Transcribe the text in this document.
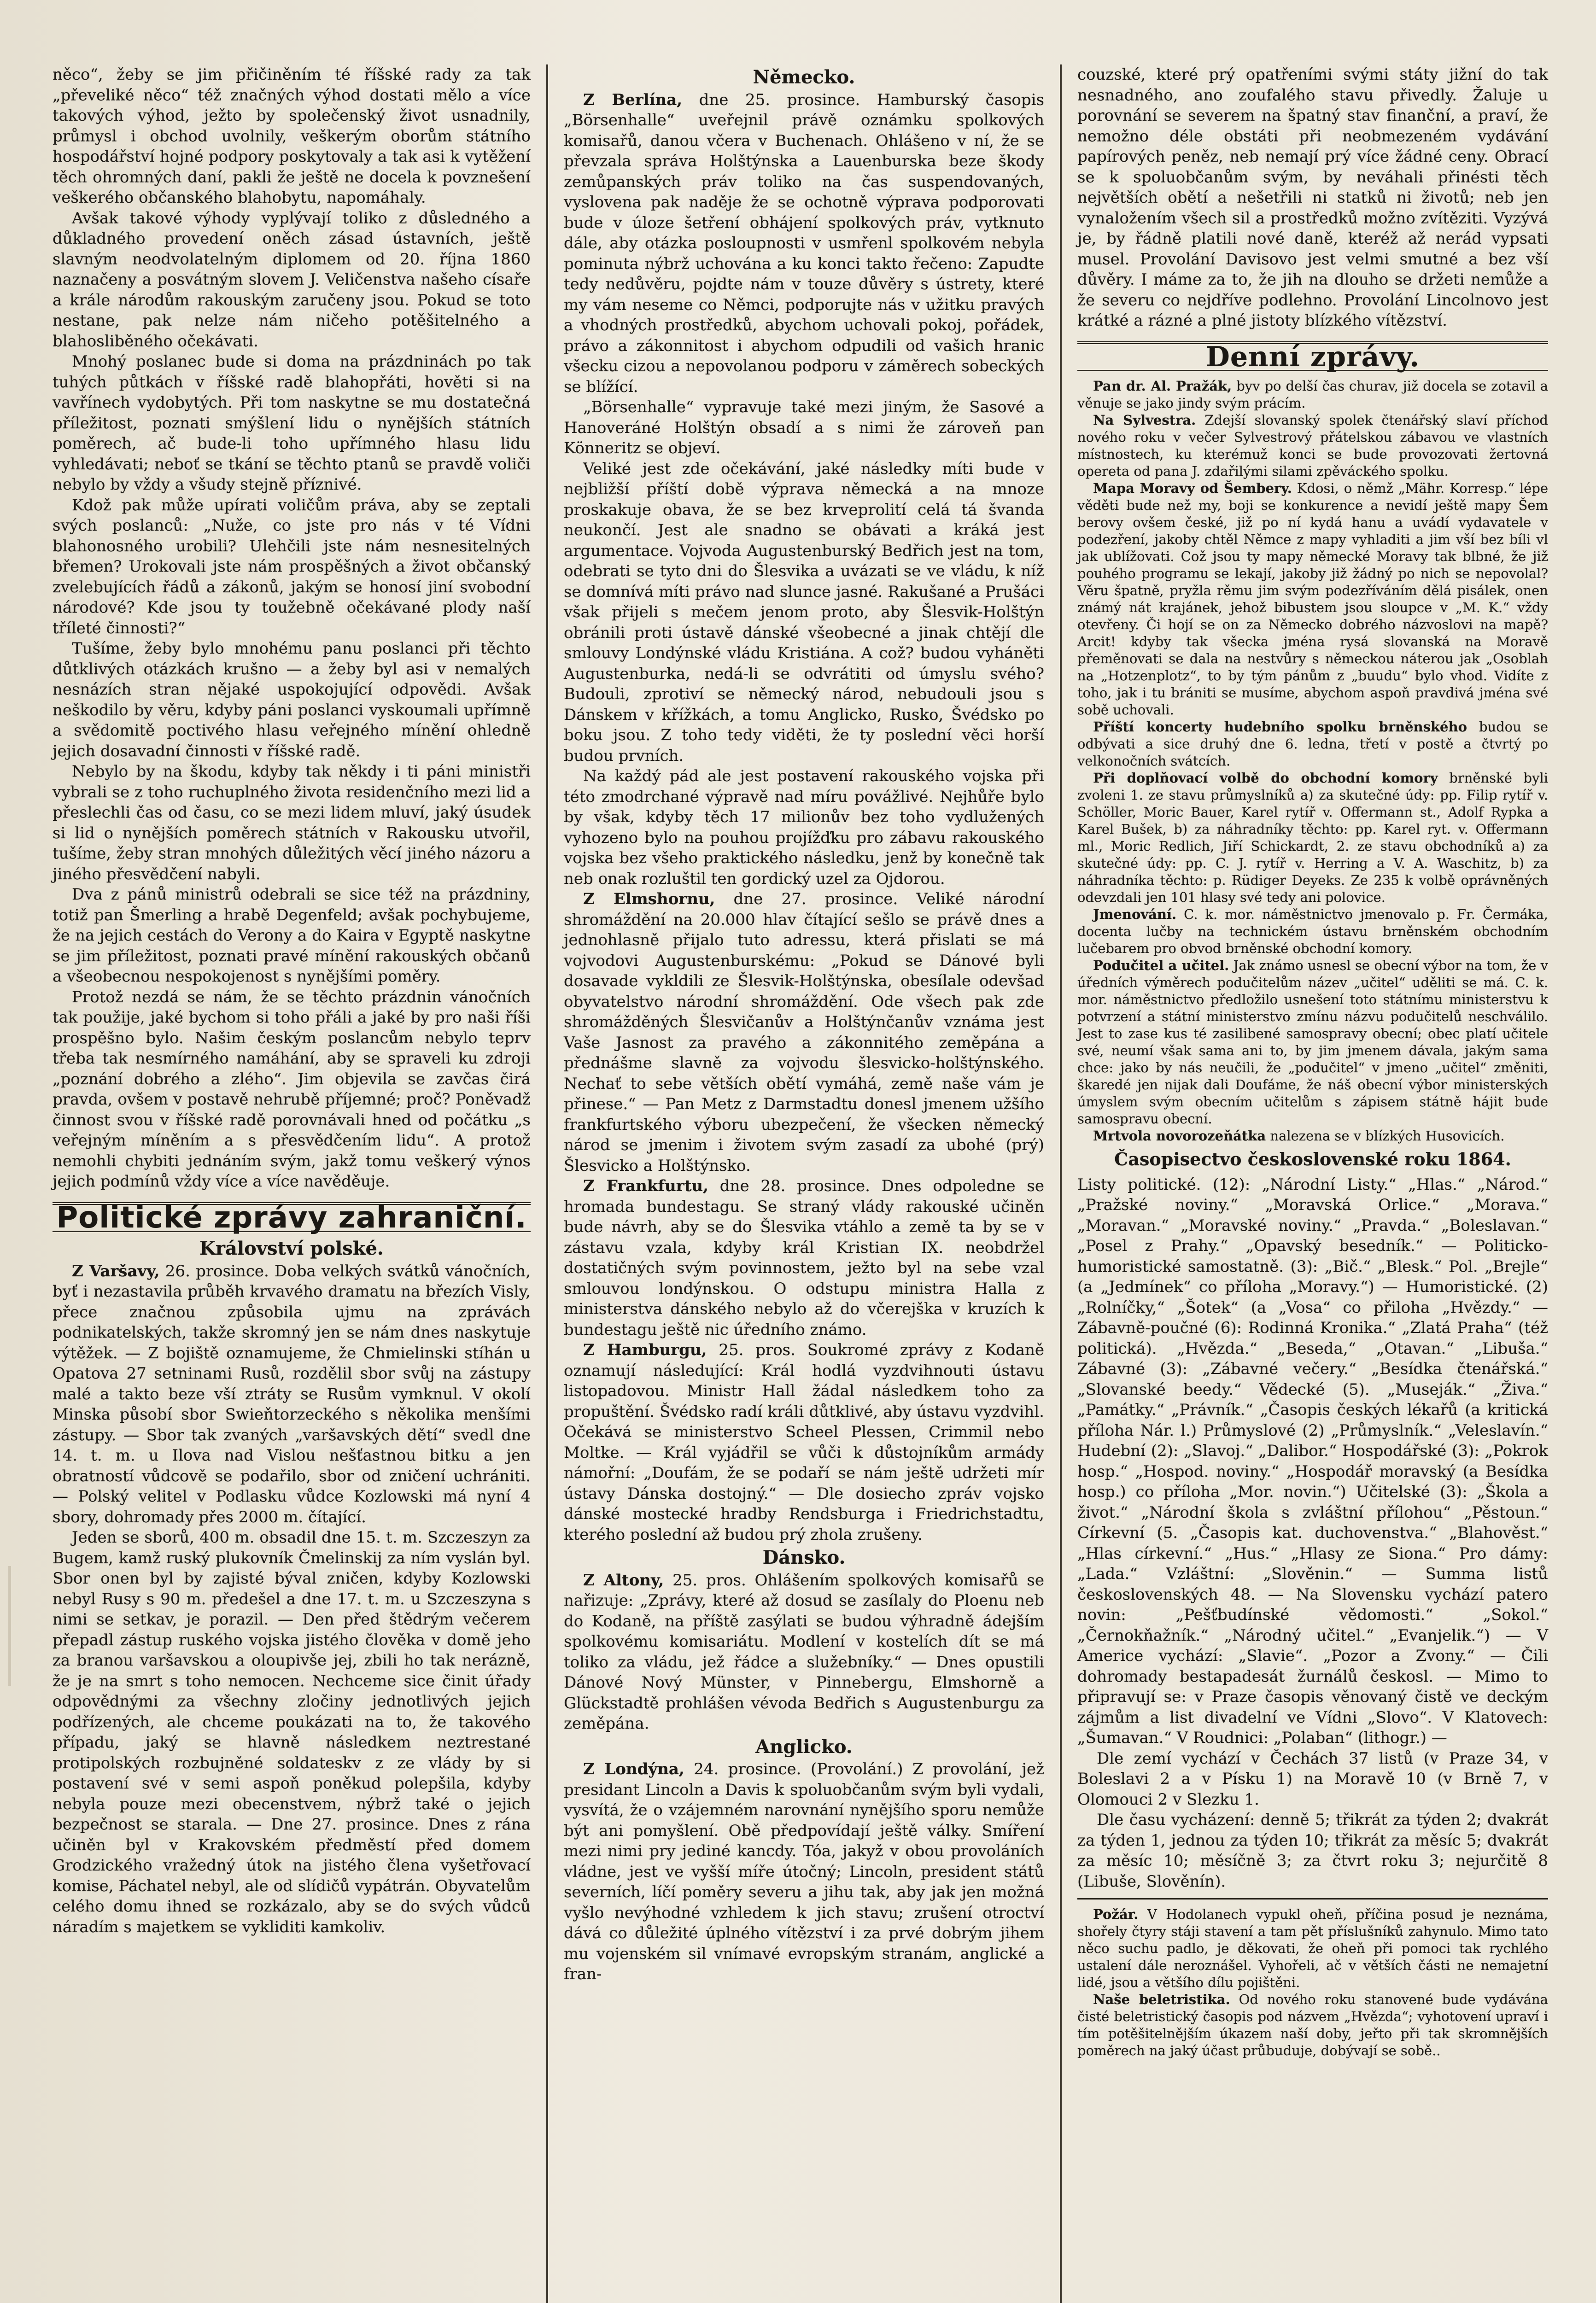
něco“, žeby se jim přičiněním té říšské rady za tak „převeliké něco“ též značných výhod dostati mělo a více takových výhod, ježto by společenský život usnadnily, průmysl i obchod uvolnily, veškerým oborům státního hospodářství hojné podpory poskytovaly a tak asi k vytěžení těch ohromných daní, pakli že ještě ne docela k povznešení veškerého občanského blahobytu, napomáhaly.

Avšak takové výhody vyplývají toliko z důsledného a důkladného provedení oněch zásad ústavních, ještě slavným neodvolatelným diplomem od 20. října 1860 naznačeny a posvátným slovem J. Veličenstva našeho císaře a krále národům rakouským zaručeny jsou. Pokud se toto nestane, pak nelze nám ničeho potěšitelného a blahosliběného očekávati.

Mnohý poslanec bude si doma na prázdninách po tak tuhých půtkách v říšské radě blahopřáti, hověti si na vavřínech vydobytých. Při tom naskytne se mu dostatečná příležitost, poznati smýšlení lidu o nynějších státních poměrech, ač bude-li toho upřímného hlasu lidu vyhledávati; neboť se tkání se těchto ptanů se pravdě voliči nebylo by vždy a všudy stejně příznivé.

Kdož pak může upírati voličům práva, aby se zeptali svých poslanců: „Nuže, co jste pro nás v té Vídni blahonosného urobili? Ulehčili jste nám nesnesitelných břemen? Urokovali jste nám prospěšných a život občanský zvelebujících řádů a zákonů, jakým se honosí jiní svobodní národové? Kde jsou ty toužebně očekávané plody naší tříleté činnosti?“

Tušíme, žeby bylo mnohému panu poslanci při těchto důtklivých otázkách krušno — a žeby byl asi v nemalých nesnázích stran nějaké uspokojující odpovědi. Avšak neškodilo by věru, kdyby páni poslanci vyskoumali upřímně a svědomitě poctivého hlasu veřejného mínění ohledně jejich dosavadní činnosti v říšské radě.

Nebylo by na škodu, kdyby tak někdy i ti páni ministři vybrali se z toho ruchuplného života residenčního mezi lid a přeslechli čas od času, co se mezi lidem mluví, jaký úsudek si lid o nynějších poměrech státních v Rakousku utvořil, tušíme, žeby stran mnohých důležitých věcí jiného názoru a jiného přesvědčení nabyli.

Dva z pánů ministrů odebrali se sice též na prázdniny, totiž pan Šmerling a hrabě Degenfeld; avšak pochybujeme, že na jejich cestách do Verony a do Kaira v Egyptě naskytne se jim příležitost, poznati pravé mínění rakouských občanů a všeobecnou nespokojenost s nynějšími poměry.

Protož nezdá se nám, že se těchto prázdnin vánočních tak použije, jaké bychom si toho přáli a jaké by pro naši říši prospěšno bylo. Našim českým poslancům nebylo teprv třeba tak nesmírného namáhání, aby se spraveli ku zdroji „poznání dobrého a zlého“. Jim objevila se zavčas čirá pravda, ovšem v postavě nehrubě příjemné; proč? Poněvadž činnost svou v říšské radě porovnávali hned od počátku „s veřejným míněním a s přesvědčením lidu“. A protož nemohli chybiti jednáním svým, jakž tomu veškerý výnos jejich podmínů vždy více a více navěděuje.

Politické zprávy zahraniční.
Království polské.

Z Varšavy, 26. prosince. Doba velkých svátků vánočních, byť i nezastavila průběh krvavého dramatu na březích Visly, přece značnou způsobila ujmu na zprávách podnikatelských, takže skromný jen se nám dnes naskytuje výtěžek. — Z bojiště oznamujeme, že Chmielinski stíhán u Opatova 27 setninami Rusů, rozdělil sbor svůj na zástupy malé a takto beze vší ztráty se Rusům vymknul. V okolí Minska působí sbor Swieňtorzeckého s několika menšími zástupy. — Sbor tak zvaných „varšavských dětí“ svedl dne 14. t. m. u Ilova nad Vislou nešťastnou bitku a jen obratností vůdcově se podařilo, sbor od zničení uchrániti. — Polský velitel v Podlasku vůdce Kozlowski má nyní 4 sbory, dohromady přes 2000 m. čítající.

Jeden se sborů, 400 m. obsadil dne 15. t. m. Szczeszyn za Bugem, kamž ruský plukovník Čmelinskij za ním vyslán byl. Sbor onen byl by zajisté býval zničen, kdyby Kozlowski nebyl Rusy s 90 m. předešel a dne 17. t. m. u Szczeszyna s nimi se setkav, je porazil. — Den před štědrým večerem přepadl zástup ruského vojska jistého člověka v domě jeho za branou varšavskou a oloupivše jej, zbili ho tak nerázně, že je na smrt s toho nemocen. Nechceme sice činit úřady odpovědnými za všechny zločiny jednotlivých jejich podřízených, ale chceme poukázati na to, že takového případu, jaký se hlavně následkem neztrestané protipolských rozbujněné soldateskv z ze vlády by si postavení své v semi aspoň poněkud polepšila, kdyby nebyla pouze mezi obecenstvem, nýbrž také o jejich bezpečnost se starala. — Dne 27. prosince. Dnes z rána učiněn byl v Krakovském předměstí před domem Grodzického vražedný útok na jistého člena vyšetřovací komise, Páchatel nebyl, ale od slídičů vypátrán. Obyvatelům celého domu ihned se rozkázalo, aby se do svých vůdců náradím s majetkem se vykliditi kamkoliv.

Německo.

Z Berlína, dne 25. prosince. Hamburský časopis „Börsenhalle“ uveřejnil právě oznámku spolkových komisařů, danou včera v Buchenach. Ohlášeno v ní, že se převzala správa Holštýnska a Lauenburska beze škody zemůpanských práv toliko na čas suspendovaných, vyslovena pak naděje že se ochotně výprava podporovati bude v úloze šetření obhájení spolkových práv, vytknuto dále, aby otázka posloupnosti v usmřenl spolkovém nebyla pominuta nýbrž uchována a ku konci takto řečeno: Zapudte tedy nedůvěru, pojdte nám v touze důvěry s ústrety, které my vám neseme co Němci, podporujte nás v užitku pravých a vhodných prostředků, abychom uchovali pokoj, pořádek, právo a zákonnitost i abychom odpudili od vašich hranic všecku cizou a nepovolanou podporu v záměrech sobeckých se blížící.

„Börsenhalle“ vypravuje také mezi jiným, že Sasové a Hanoveráné Holštýn obsadí a s nimi že zároveň pan Könneritz se objeví.

Veliké jest zde očekávání, jaké následky míti bude v nejbližší příští době výprava německá a na mnoze proskakuje obava, že se bez krveprolití celá tá švanda neukončí. Jest ale snadno se obávati a kráká jest argumentace. Vojvoda Augustenburský Bedřich jest na tom, odebrati se tyto dni do Šlesvika a uvázati se ve vládu, k níž se domnívá míti právo nad slunce jasné. Rakušané a Prušáci však přijeli s mečem jenom proto, aby Šlesvik-Holštýn obránili proti ústavě dánské všeobecné a jinak chtějí dle smlouvy Londýnské vládu Kristiána. A což? budou vyháněti Augustenburka, nedá-li se odvrátiti od úmyslu svého? Budouli, zprotiví se německý národ, nebudouli jsou s Dánskem v křížkách, a tomu Anglicko, Rusko, Švédsko po boku jsou. Z toho tedy viděti, že ty poslední věci horší budou prvních.

Na každý pád ale jest postavení rakouského vojska při této zmodrchané výpravě nad míru povážlivé. Nejhůře bylo by však, kdyby těch 17 milionův bez toho vydlužených vyhozeno bylo na pouhou projížďku pro zábavu rakouského vojska bez všeho praktického následku, jenž by konečně tak neb onak rozluštil ten gordický uzel za Ojdorou.

Z Elmshornu, dne 27. prosince. Veliké národní shromáždění na 20.000 hlav čítající sešlo se právě dnes a jednohlasně přijalo tuto adressu, která přislati se má vojvodovi Augustenburskému: „Pokud se Dánové byli dosavade vykldili ze Šlesvik-Holštýnska, obesílale odevšad obyvatelstvo národní shromáždění. Ode všech pak zde shromážděných Šlesvičanův a Holštýnčanův vznáma jest Vaše Jasnost za pravého a zákonnitého zeměpána a přednášme slavně za vojvodu šlesvicko-holštýnského. Nechať to sebe větších obětí vymáhá, země naše vám je přinese.“ — Pan Metz z Darmstadtu donesl jmenem užšího frankfurtského výboru ubezpečení, že všecken německý národ se jmenim i životem svým zasadí za ubohé (prý) Šlesvicko a Holštýnsko.

Z Frankfurtu, dne 28. prosince. Dnes odpoledne se hromada bundestagu. Se straný vlády rakouské učiněn bude návrh, aby se do Šlesvika vtáhlo a země ta by se v zástavu vzala, kdyby král Kristian IX. neobdržel dostatičných svým povinnostem, ježto byl na sebe vzal smlouvou londýnskou. O odstupu ministra Halla z ministerstva dánského nebylo až do včerejška v kruzích k bundestagu ještě nic úředního známo.

Z Hamburgu, 25. pros. Soukromé zprávy z Kodaně oznamují následující: Král hodlá vyzdvihnouti ústavu listopadovou. Ministr Hall žádal následkem toho za propuštění. Švédsko radí králi důtklivé, aby ústavu vyzdvihl. Očekává se ministerstvo Scheel Plessen, Crimmil nebo Moltke. — Král vyjádřil se vůči k důstojníkům armády námořní: „Doufám, že se podaří se nám ještě udržeti mír ústavy Dánska dostojný.“ — Dle dosiecho zpráv vojsko dánské mostecké hradby Rendsburga i Friedrichstadtu, kterého poslední až budou prý zhola zrušeny.

Dánsko.

Z Altony, 25. pros. Ohlášením spolkových komisařů se nařizuje: „Zprávy, které až dosud se zasílaly do Ploenu neb do Kodaně, na příště zasýlati se budou výhradně ádejším spolkovému komisariátu. Modlení v kostelích dít se má toliko za vládu, jež řádce a služebníky.“ — Dnes opustili Dánové Nový Münster, v Pinnebergu, Elmshorně a Glückstadtě prohlášen vévoda Bedřich s Augustenburgu za zeměpána.

Anglicko.

Z Londýna, 24. prosince. (Provolání.) Z provolání, jež presidant Lincoln a Davis k spoluobčanům svým byli vydali, vysvítá, že o vzájemném narovnání nynějšího sporu nemůže být ani pomyšlení. Obě předpovídají ještě války. Smíření mezi nimi pry jediné kancdy. Tóa, jakyž v obou provoláních vládne, jest ve vyšší míře útočný; Lincoln, president států severních, líčí poměry severu a jihu tak, aby jak jen možná vyšlo nevýhodné vzhledem k jich stavu; zrušení otroctví dává co důležité úplného vítězství i za prvé dobrým jihem mu vojenském sil vnímavé evropským stranám, anglické a fran-

couzské, které prý opatřeními svými státy jižní do tak nesnadného, ano zoufalého stavu přivedly. Žaluje u porovnání se severem na špatný stav finanční, a praví, že nemožno déle obstáti při neobmezeném vydávání papírových peněz, neb nemají prý více žádné ceny. Obrací se k spoluobčanům svým, by neváhali přinésti těch největších obětí a nešetřili ni statků ni životů; neb jen vynaložením všech sil a prostředků možno zvítěziti. Vyzývá je, by řádně platili nové daně, kteréž až nerád vypsati musel. Provolání Davisovo jest velmi smutné a bez vší důvěry. I máme za to, že jih na dlouho se držeti nemůže a že severu co nejdříve podlehno. Provolání Lincolnovo jest krátké a rázné a plné jistoty blízkého vítězství.

Denní zprávy.

Pan dr. Al. Pražák, byv po delší čas churav, již docela se zotavil a věnuje se jako jindy svým prácím.

Na Sylvestra. Zdejší slovanský spolek čtenářský slaví příchod nového roku v večer Sylvestrový přátelskou zábavou ve vlastních místnostech, ku kterémuž konci se bude provozovati žertovná opereta od pana J. zdařilými silami zpěváckého spolku.

Mapa Moravy od Šembery. Kdosi, o němž „Mähr. Korresp.“ lépe věděti bude než my, boji se konkurence a nevidí ještě mapy Šem berovy ovšem české, již po ní kydá hanu a uvádí vydavatele v podezření, jakoby chtěl Němce z mapy vyhladiti a jim vší bez bíli vl jak ublížovati. Což jsou ty mapy německé Moravy tak blbné, že již pouhého programu se lekají, jakoby již žádný po nich se nepovolal? Věru špatně, pryžla rěmu jim svým podezříváním dělá pisálek, onen známý nát krajánek, jehož bibustem jsou sloupce v „M. K.“ vždy otevřeny. Či hojí se on za Německo dobrého názvoslovi na mapě? Arcit! kdyby tak všecka jména rysá slovanská na Moravě přeměnovati se dala na nestvůry s německou náterou jak „Osoblah na „Hotzenplotz“, to by tým pánům z „buudu“ bylo vhod. Vidíte z toho, jak i tu brániti se musíme, abychom aspoň pravdivá jména své sobě uchovali.

Příští koncerty hudebního spolku brněnského budou se odbývati a sice druhý dne 6. ledna, třetí v postě a čtvrtý po velkonočních svátcích.

Při doplňovací volbě do obchodní komory brněnské byli zvoleni 1. ze stavu průmyslníků a) za skutečné údy: pp. Filip rytíř v. Schöller, Moric Bauer, Karel rytíř v. Offermann st., Adolf Rypka a Karel Bušek, b) za náhradníky těchto: pp. Karel ryt. v. Offermann ml., Moric Redlich, Jiří Schickardt, 2. ze stavu obchodníků a) za skutečné údy: pp. C. J. rytíř v. Herring a V. A. Waschitz, b) za náhradníka těchto: p. Rüdiger Deyeks. Ze 235 k volbě oprávněných odevzdali jen 101 hlasy své tedy ani polovice.

Jmenování. C. k. mor. náměstnictvo jmenovalo p. Fr. Čermáka, docenta lučby na technickém ústavu brněnském obchodním lučebarem pro obvod brněnské obchodní komory.

Podučitel a učitel. Jak známo usnesl se obecní výbor na tom, že v úředních výměrech podučitelům název „učitel“ uděliti se má. C. k. mor. náměstnictvo předložilo usnešení toto státnímu ministerstvu k potvrzení a státní ministerstvo zmínu názvu podučitelů neschválilo. Jest to zase kus té zasilibené samospravy obecní; obec platí učitele své, neumí však sama ani to, by jim jmenem dávala, jakým sama chce: jako by nás neučili, že „podučitel“ v jmeno „učitel“ změniti, škaredé jen nijak dali Doufáme, že náš obecní výbor ministerských úmyslem svým obecním učitelům s zápisem státně hájit bude samospravu obecní.

Mrtvola novorozeňátka nalezena se v blízkých Husovicích.

Časopisectvo československé roku 1864.

Listy politické. (12): „Národní Listy.“ „Hlas.“ „Národ.“ „Pražské noviny.“ „Moravská Orlice.“ „Morava.“ „Moravan.“ „Moravské noviny.“ „Pravda.“ „Boleslavan.“ „Posel z Prahy.“ „Opavský besedník.“ — Politicko-humoristické samostatně. (3): „Bič.“ „Blesk.“ Pol. „Brejle“ (a „Jedmínek“ co příloha „Moravy.“) — Humoristické. (2) „Rolníčky,“ „Šotek“ (a „Vosa“ co přiloha „Hvězdy.“ — Zábavně-poučné (6): Rodinná Kronika.“ „Zlatá Praha“ (též politická). „Hvězda.“ „Beseda,“ „Otavan.“ „Libuša.“ Zábavné (3): „Zábavné večery.“ „Besídka čtenářská.“ „Slovanské beedy.“ Vědecké (5). „Museják.“ „Živa.“ „Památky.“ „Právník.“ „Časopis českých lékařů (a kritická příloha Nár. l.) Průmyslové (2) „Průmyslník.“ „Veleslavín.“ Hudební (2): „Slavoj.“ „Dalibor.“ Hospodářské (3): „Pokrok hosp.“ „Hospod. noviny.“ „Hospodář moravský (a Besídka hosp.) co příloha „Mor. novin.“) Učitelské (3): „Škola a život.“ „Národní škola s zvláštní přílohou“ „Pěstoun.“ Církevní (5. „Časopis kat. duchovenstva.“ „Blahověst.“ „Hlas církevní.“ „Hus.“ „Hlasy ze Siona.“ Pro dámy: „Lada.“ Vzláštní: „Slověnin.“ — Summa listů československých 48. — Na Slovensku vychází patero novin: „Pešťbudínské vědomosti.“ „Sokol.“ „Černokňažník.“ „Národný učitel.“ „Evanjelik.“) — V Americe vychází: „Slavie“. „Pozor a Zvony.“ — Čili dohromady bestapadesát žurnálů českosl. — Mimo to připravují se: v Praze časopis věnovaný čistě ve deckým zájmům a list divadelní ve Vídni „Slovo“. V Klatovech: „Šumavan.“ V Roudnici: „Polaban“ (lithogr.) —

Dle zemí vychází v Čechách 37 listů (v Praze 34, v Boleslavi 2 a v Písku 1) na Moravě 10 (v Brně 7, v Olomouci 2 v Slezku 1.

Dle času vycházení: denně 5; třikrát za týden 2; dvakrát za týden 1, jednou za týden 10; třikrát za měsíc 5; dvakrát za měsíc 10; měsíčně 3; za čtvrt roku 3; nejurčitě 8 (Libuše, Slověnín).

Požár. V Hodolanech vypukl oheň, příčina posud je neznáma, shořely čtyry stáji stavení a tam pět příslušníků zahynulo. Mimo tato něco suchu padlo, je děkovati, že oheň při pomoci tak rychlého ustalení dále neroznášel. Vyhořeli, ač v větších části ne nemajetní lidé, jsou a většího dílu pojištěni.

Naše beletristika. Od nového roku stanovené bude vydávána čisté beletristický časopis pod názvem „Hvězda“; vyhotovení upraví i tím potěšitelnějším úkazem naší doby, jeřto při tak skromnějších poměrech na jaký účast průbuduje, dobývají se sobě..
